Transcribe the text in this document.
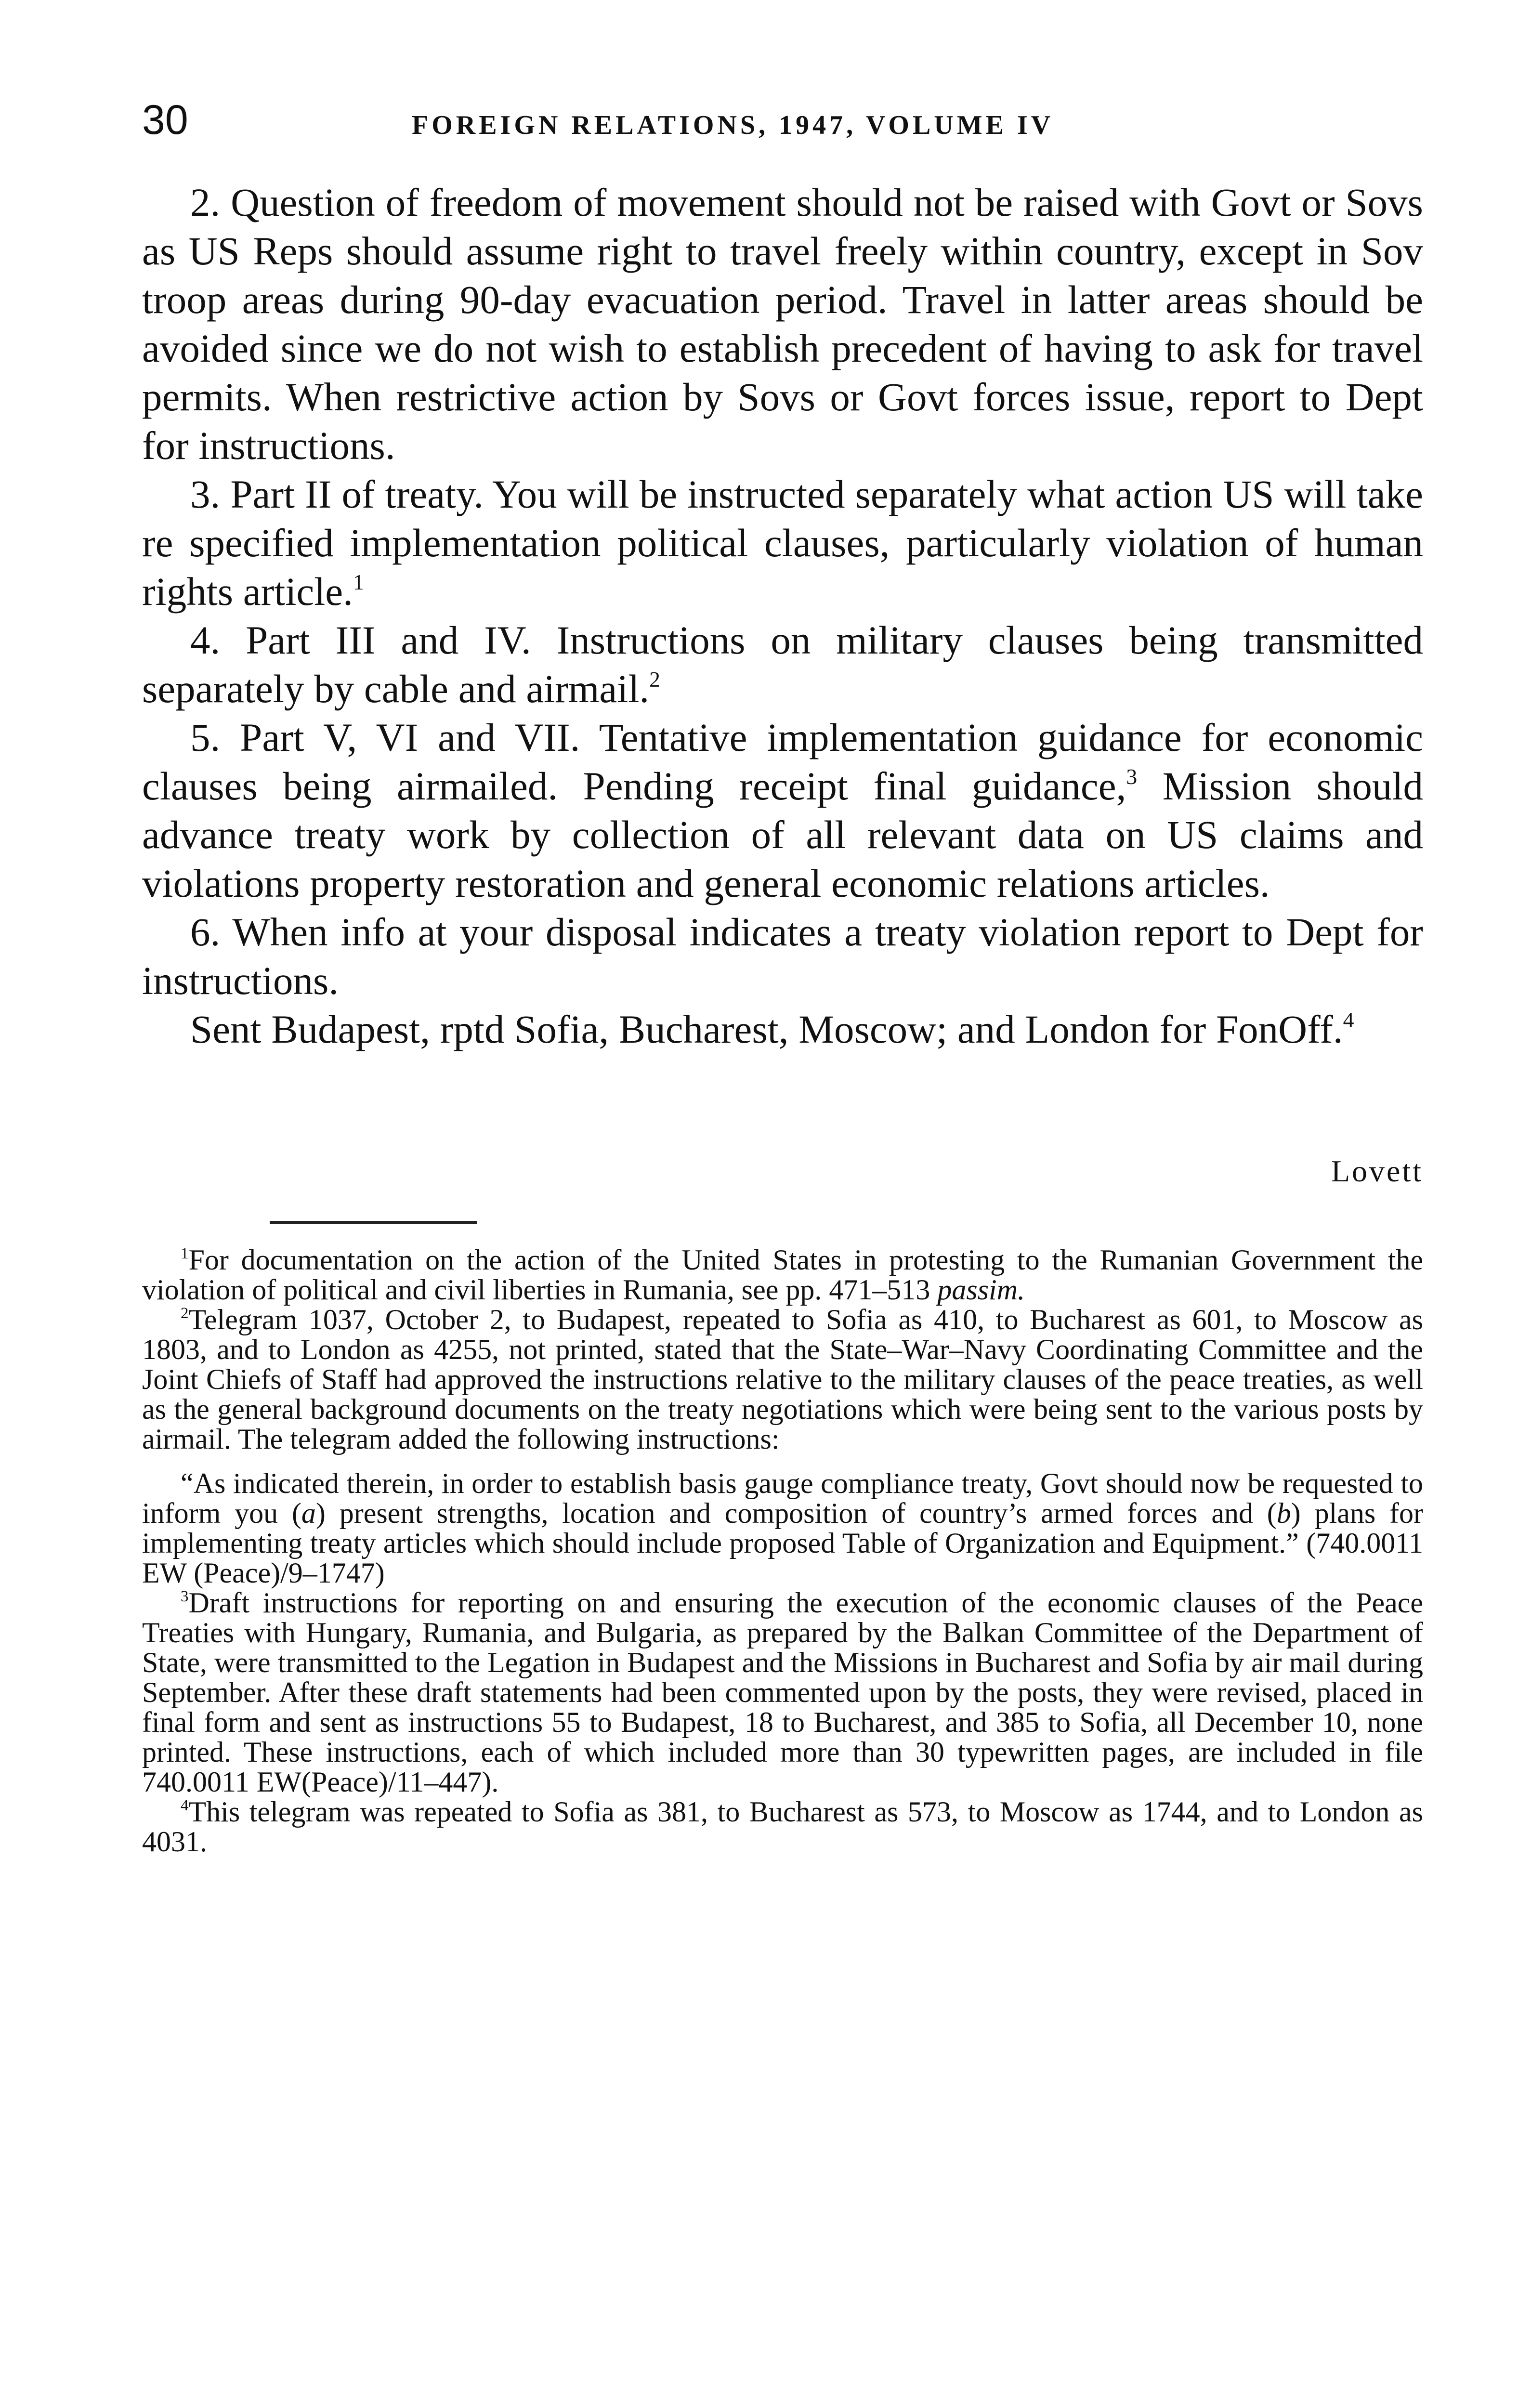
30	FOREIGN RELATIONS, 1947, VOLUME IV

2. Question of freedom of movement should not be raised with Govt or Sovs as US Reps should assume right to travel freely within country, except in Sov troop areas during 90-day evacuation period. Travel in latter areas should be avoided since we do not wish to establish precedent of having to ask for travel permits. When restrictive action by Sovs or Govt forces issue, report to Dept for instructions.

3. Part II of treaty. You will be instructed separately what action US will take re specified implementation political clauses, particularly violation of human rights article.$^1$

4. Part III and IV. Instructions on military clauses being transmitted separately by cable and airmail.$^2$

5. Part V, VI and VII. Tentative implementation guidance for economic clauses being airmailed. Pending receipt final guidance,$^3$ Mission should advance treaty work by collection of all relevant data on US claims and violations property restoration and general economic relations articles.

6. When info at your disposal indicates a treaty violation report to Dept for instructions.

Sent Budapest, rptd Sofia, Bucharest, Moscow; and London for FonOff.$^4$

Lovett

$^1$For documentation on the action of the United States in protesting to the Rumanian Government the violation of political and civil liberties in Rumania, see pp. 471–513 passim.

$^2$Telegram 1037, October 2, to Budapest, repeated to Sofia as 410, to Bucharest as 601, to Moscow as 1803, and to London as 4255, not printed, stated that the State–War–Navy Coordinating Committee and the Joint Chiefs of Staff had approved the instructions relative to the military clauses of the peace treaties, as well as the general background documents on the treaty negotiations which were being sent to the various posts by airmail. The telegram added the following instructions:

“As indicated therein, in order to establish basis gauge compliance treaty, Govt should now be requested to inform you (a) present strengths, location and composition of country’s armed forces and (b) plans for implementing treaty articles which should include proposed Table of Organization and Equipment.” (740.0011 EW (Peace)/9–1747)

$^3$Draft instructions for reporting on and ensuring the execution of the economic clauses of the Peace Treaties with Hungary, Rumania, and Bulgaria, as prepared by the Balkan Committee of the Department of State, were transmitted to the Legation in Budapest and the Missions in Bucharest and Sofia by air mail during September. After these draft statements had been commented upon by the posts, they were revised, placed in final form and sent as instructions 55 to Budapest, 18 to Bucharest, and 385 to Sofia, all December 10, none printed. These instructions, each of which included more than 30 typewritten pages, are included in file 740.0011 EW(Peace)/11–447).

$^4$This telegram was repeated to Sofia as 381, to Bucharest as 573, to Moscow as 1744, and to London as 4031.
